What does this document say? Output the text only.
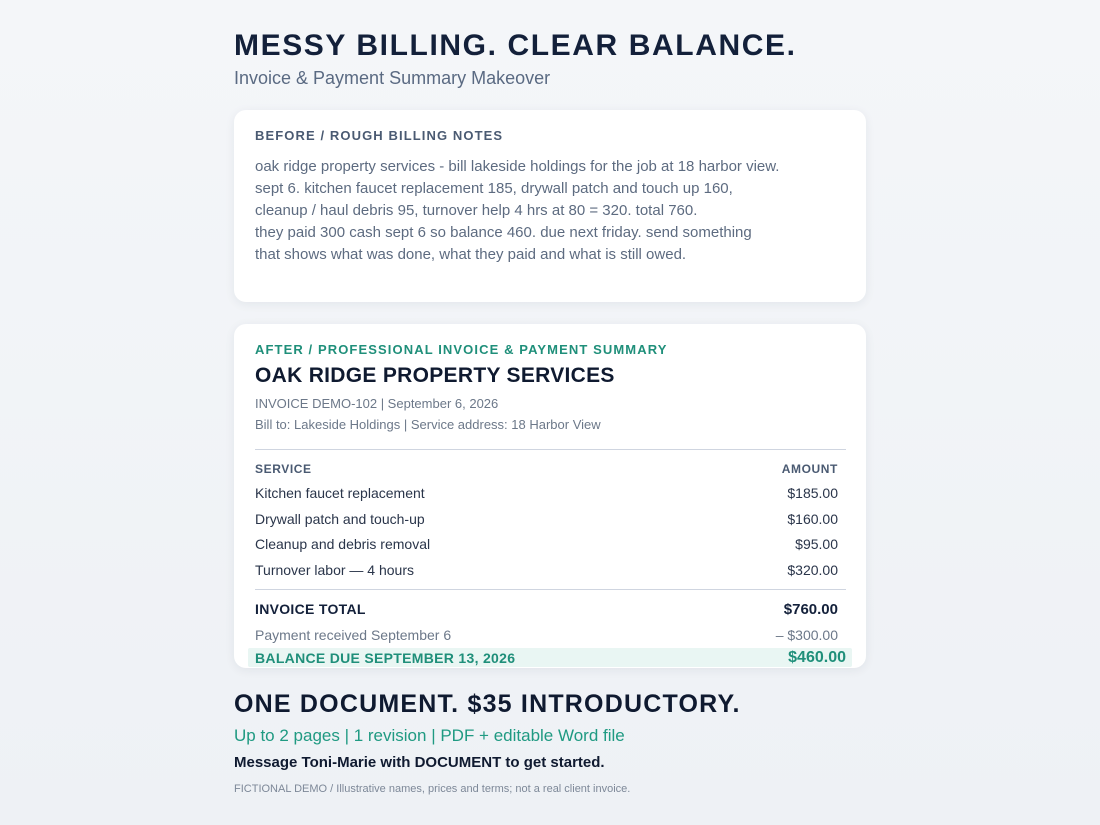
MESSY BILLING. CLEAR BALANCE.
Invoice & Payment Summary Makeover
BEFORE / ROUGH BILLING NOTES
oak ridge property services - bill lakeside holdings for the job at 18 harbor view.
sept 6. kitchen faucet replacement 185, drywall patch and touch up 160,
cleanup / haul debris 95, turnover help 4 hrs at 80 = 320. total 760.
they paid 300 cash sept 6 so balance 460. due next friday. send something
that shows what was done, what they paid and what is still owed.
AFTER / PROFESSIONAL INVOICE & PAYMENT SUMMARY
OAK RIDGE PROPERTY SERVICES
INVOICE DEMO-102 | September 6, 2026
Bill to: Lakeside Holdings | Service address: 18 Harbor View
SERVICE	AMOUNT
Kitchen faucet replacement	$185.00
Drywall patch and touch-up	$160.00
Cleanup and debris removal	$95.00
Turnover labor — 4 hours	$320.00
INVOICE TOTAL	$760.00
Payment received September 6	– $300.00
BALANCE DUE SEPTEMBER 13, 2026	$460.00
ONE DOCUMENT. $35 INTRODUCTORY.
Up to 2 pages | 1 revision | PDF + editable Word file
Message Toni-Marie with DOCUMENT to get started.
FICTIONAL DEMO / Illustrative names, prices and terms; not a real client invoice.
